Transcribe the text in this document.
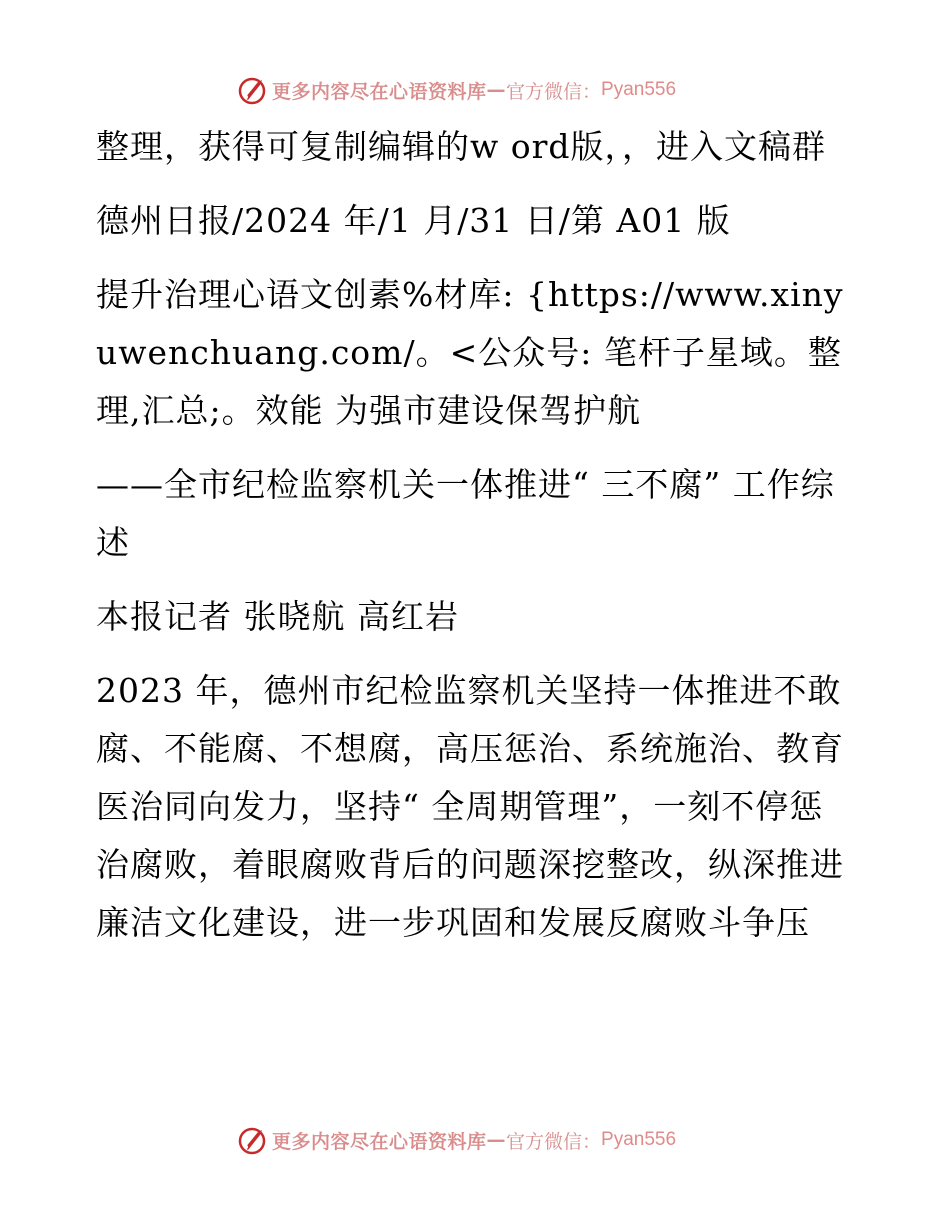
更多内容尽在心语资料库 — 官方微信： Pyan556

整理，获得可复制编辑的w ord版，，进入文稿群

德州日报/2024 年/1 月/31 日/第 A01 版

提升治理心语文创素%材库: {https://www.xinyuwenchuang.com/。<公众号: 笔杆子星域。整理,汇总;。效能 为强市建设保驾护航

——全市纪检监察机关一体推进“ 三不腐” 工作综述

本报记者 张晓航 高红岩

2023 年，德州市纪检监察机关坚持一体推进不敢腐、不能腐、不想腐，高压惩治、系统施治、教育医治同向发力，坚持“ 全周期管理”，一刻不停惩治腐败，着眼腐败背后的问题深挖整改，纵深推进廉洁文化建设，进一步巩固和发展反腐败斗争压

更多内容尽在心语资料库 — 官方微信： Pyan556
